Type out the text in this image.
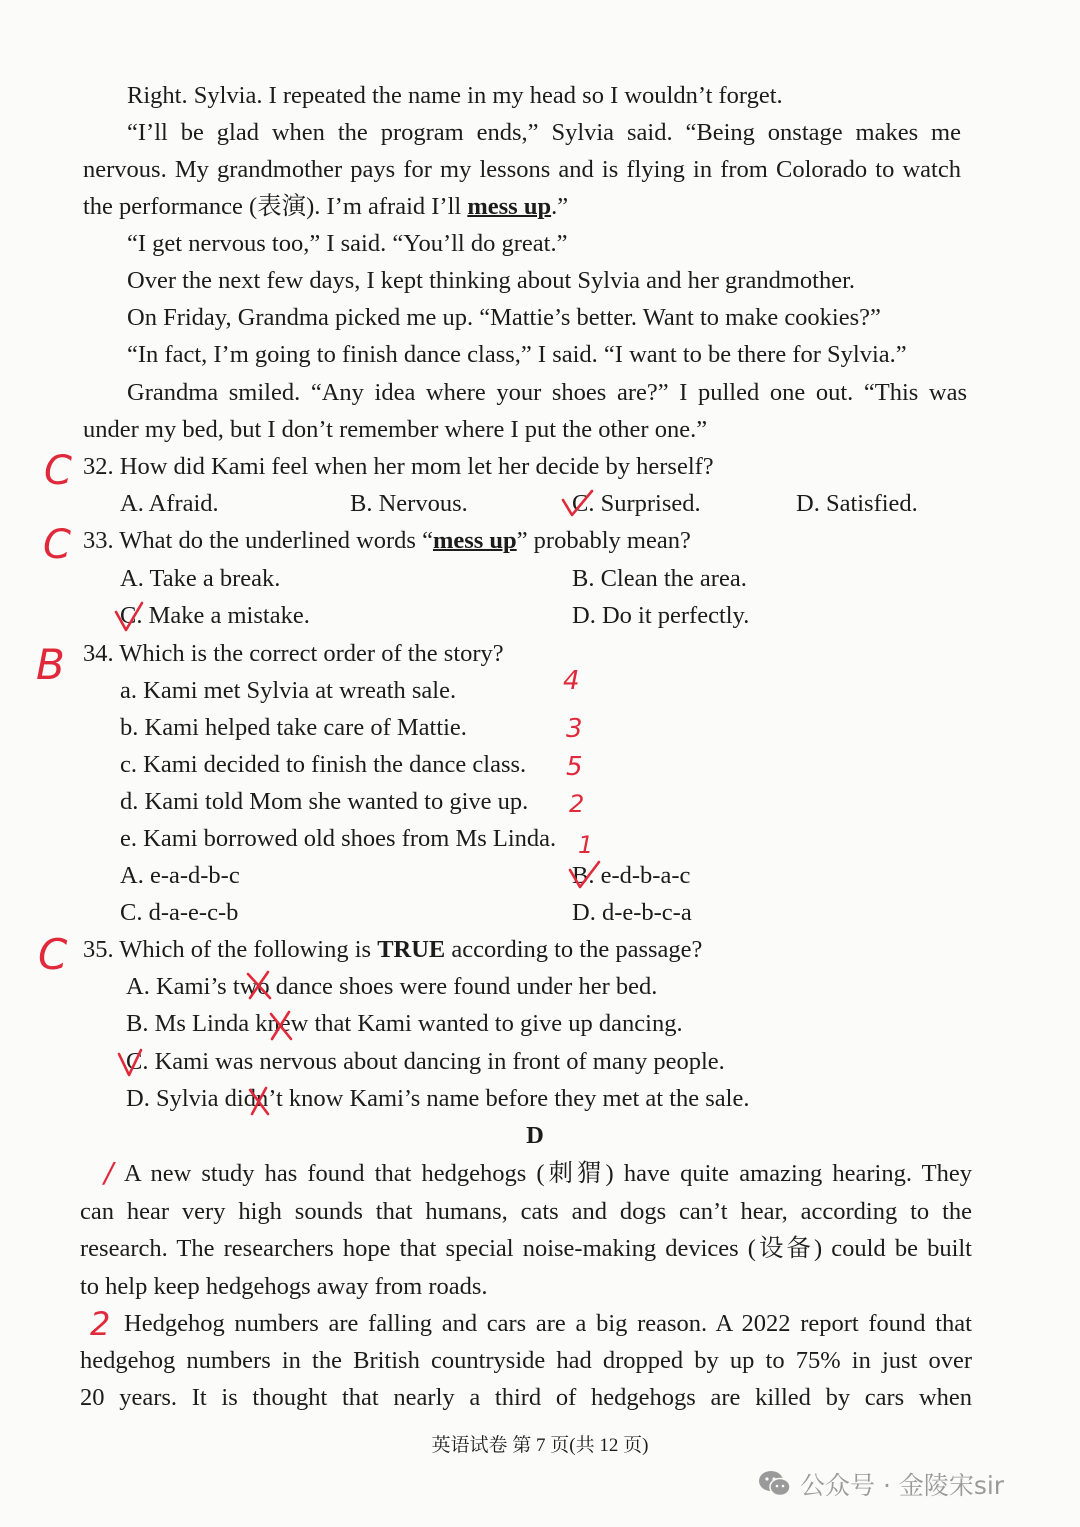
Right. Sylvia. I repeated the name in my head so I wouldn’t forget.
“I’ll be glad when the program ends,” Sylvia said. “Being onstage makes me
nervous. My grandmother pays for my lessons and is flying in from Colorado to watch
the performance (表演). I’m afraid I’ll mess up.”
“I get nervous too,” I said. “You’ll do great.”
Over the next few days, I kept thinking about Sylvia and her grandmother.
On Friday, Grandma picked me up. “Mattie’s better. Want to make cookies?”
“In fact, I’m going to finish dance class,” I said. “I want to be there for Sylvia.”
Grandma smiled. “Any idea where your shoes are?” I pulled one out. “This was
under my bed, but I don’t remember where I put the other one.”
32. How did Kami feel when her mom let her decide by herself?
A. Afraid.	B. Nervous.	C. Surprised.	D. Satisfied.
33. What do the underlined words “mess up” probably mean?
A. Take a break.	B. Clean the area.
C. Make a mistake.	D. Do it perfectly.
34. Which is the correct order of the story?
a. Kami met Sylvia at wreath sale.
b. Kami helped take care of Mattie.
c. Kami decided to finish the dance class.
d. Kami told Mom she wanted to give up.
e. Kami borrowed old shoes from Ms Linda.
A. e-a-d-b-c	B. e-d-b-a-c
C. d-a-e-c-b	D. d-e-b-c-a
35. Which of the following is TRUE according to the passage?
A. Kami’s two dance shoes were found under her bed.
B. Ms Linda knew that Kami wanted to give up dancing.
C. Kami was nervous about dancing in front of many people.
D. Sylvia didn’t know Kami’s name before they met at the sale.
D
A new study has found that hedgehogs (刺猬) have quite amazing hearing. They
can hear very high sounds that humans, cats and dogs can’t hear, according to the
research. The researchers hope that special noise-making devices (设备) could be built
to help keep hedgehogs away from roads.
Hedgehog numbers are falling and cars are a big reason. A 2022 report found that
hedgehog numbers in the British countryside had dropped by up to 75% in just over
20 years. It is thought that nearly a third of hedgehogs are killed by cars when
英语试卷 第 7 页(共 12 页)
公众号 · 金陵宋sir
C
C
B
C
4
3
5
2
1
/
2
